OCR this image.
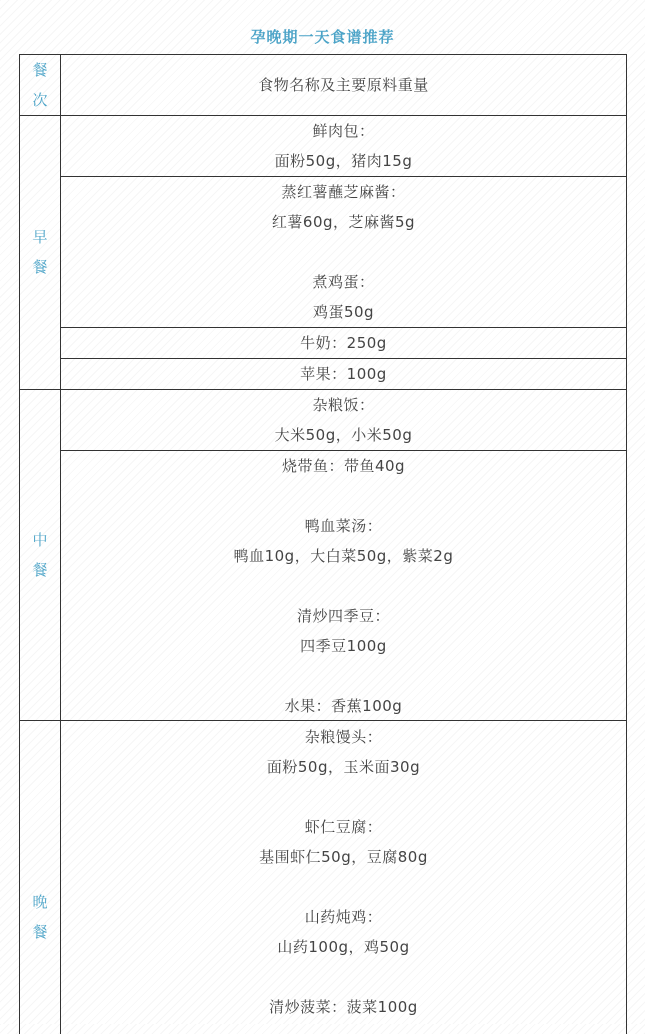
孕晚期一天食谱推荐
餐
次
食物名称及主要原料重量
早
餐
鲜肉包：
面粉50g，猪肉15g
蒸红薯蘸芝麻酱：
红薯60g，芝麻酱5g
煮鸡蛋：
鸡蛋50g
牛奶：250g
苹果：100g
中
餐
杂粮饭：
大米50g，小米50g
烧带鱼：带鱼40g
鸭血菜汤：
鸭血10g，大白菜50g，紫菜2g
清炒四季豆：
四季豆100g
水果：香蕉100g
晚
餐
杂粮馒头：
面粉50g，玉米面30g
虾仁豆腐：
基围虾仁50g，豆腐80g
山药炖鸡：
山药100g，鸡50g
清炒菠菜：菠菜100g
